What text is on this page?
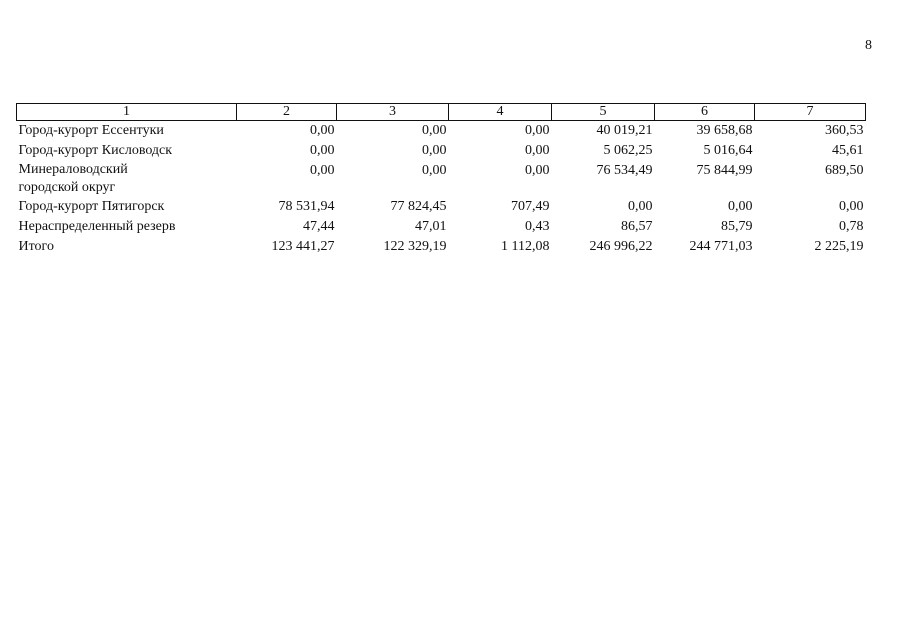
8
1	2	3	4	5	6	7
Город-курорт Ессентуки	0,00	0,00	0,00	40 019,21	39 658,68	360,53
Город-курорт Кисловодск	0,00	0,00	0,00	5 062,25	5 016,64	45,61
Минераловодский
городской округ	0,00	0,00	0,00	76 534,49	75 844,99	689,50
Город-курорт Пятигорск	78 531,94	77 824,45	707,49	0,00	0,00	0,00
Нераспределенный резерв	47,44	47,01	0,43	86,57	85,79	0,78
Итого	123 441,27	122 329,19	1 112,08	246 996,22	244 771,03	2 225,19
